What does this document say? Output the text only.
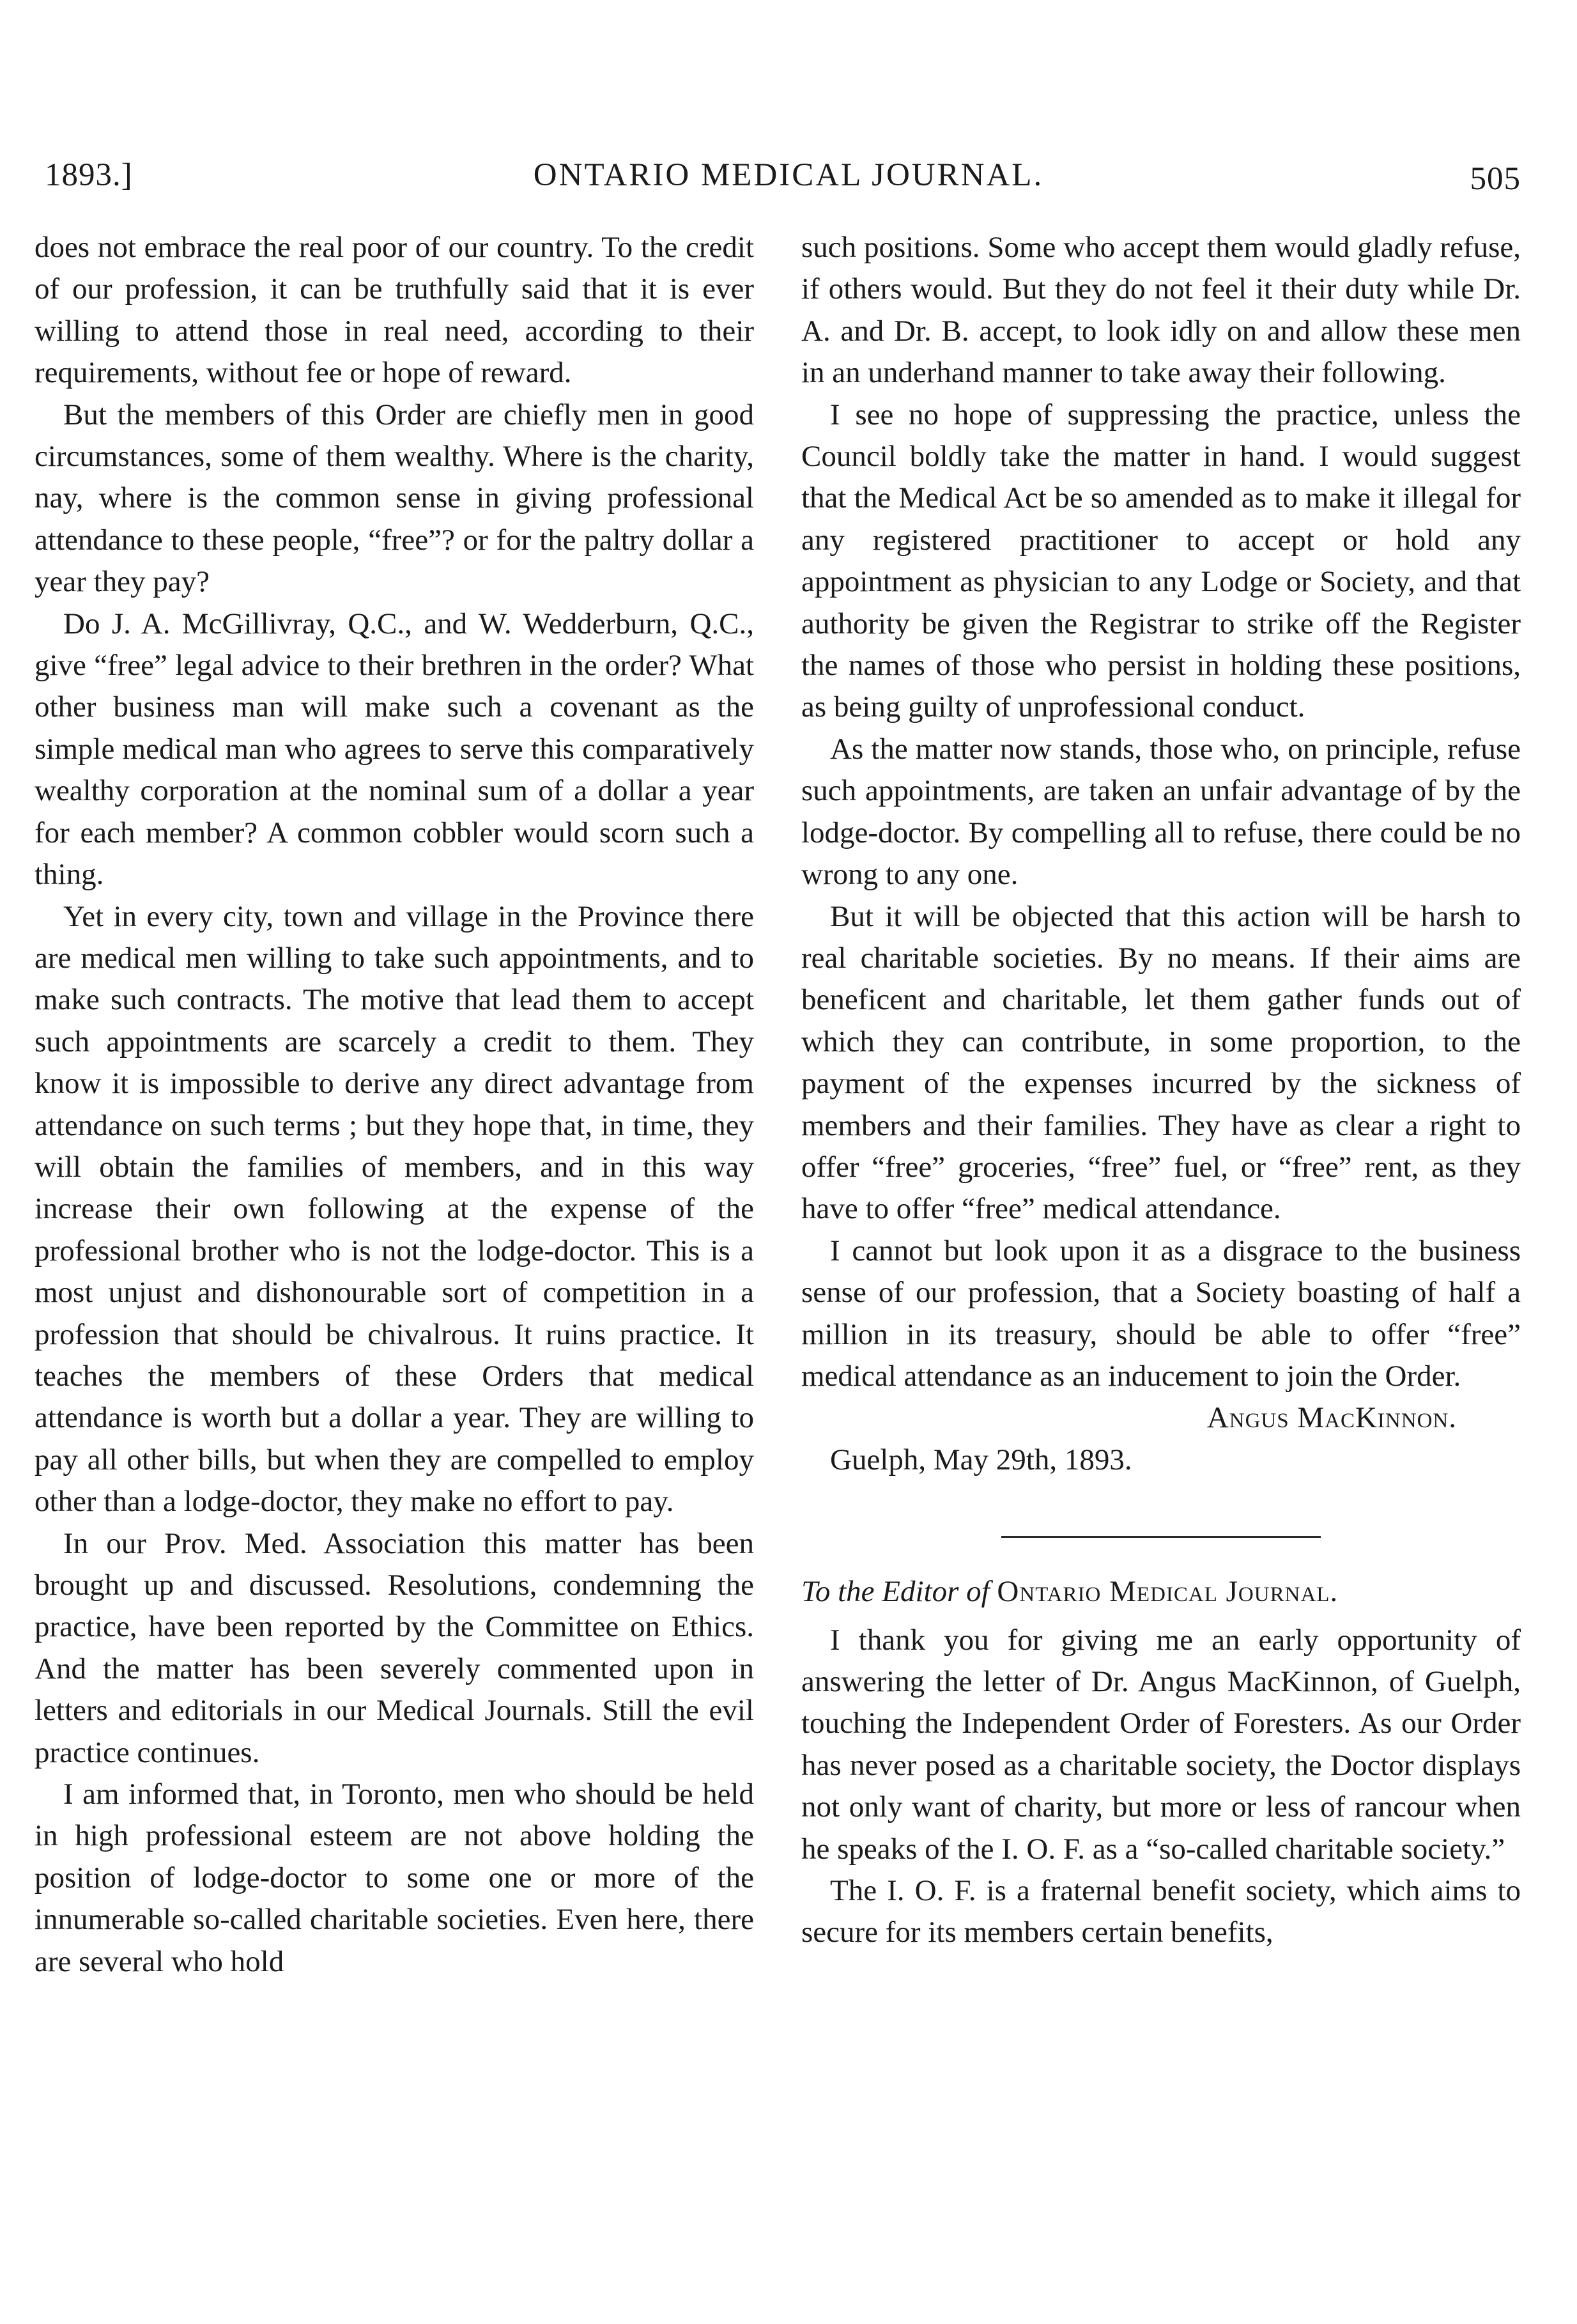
1893.]	ONTARIO MEDICAL JOURNAL.	505

does not embrace the real poor of our country. To the credit of our profession, it can be truthfully said that it is ever willing to attend those in real need, according to their requirements, without fee or hope of reward.

But the members of this Order are chiefly men in good circumstances, some of them wealthy. Where is the charity, nay, where is the common sense in giving professional attendance to these people, “free”? or for the paltry dollar a year they pay?

Do J. A. McGillivray, Q.C., and W. Wedderburn, Q.C., give “free” legal advice to their brethren in the order? What other business man will make such a covenant as the simple medical man who agrees to serve this comparatively wealthy corporation at the nominal sum of a dollar a year for each member? A common cobbler would scorn such a thing.

Yet in every city, town and village in the Province there are medical men willing to take such appointments, and to make such contracts. The motive that lead them to accept such appointments are scarcely a credit to them. They know it is impossible to derive any direct advantage from attendance on such terms ; but they hope that, in time, they will obtain the families of members, and in this way increase their own following at the expense of the professional brother who is not the lodge-doctor. This is a most unjust and dishonourable sort of competition in a profession that should be chivalrous. It ruins practice. It teaches the members of these Orders that medical attendance is worth but a dollar a year. They are willing to pay all other bills, but when they are compelled to employ other than a lodge-doctor, they make no effort to pay.

In our Prov. Med. Association this matter has been brought up and discussed. Resolutions, condemning the practice, have been reported by the Committee on Ethics. And the matter has been severely commented upon in letters and editorials in our Medical Journals. Still the evil practice continues.

I am informed that, in Toronto, men who should be held in high professional esteem are not above holding the position of lodge-doctor to some one or more of the innumerable so-called charitable societies. Even here, there are several who hold

such positions. Some who accept them would gladly refuse, if others would. But they do not feel it their duty while Dr. A. and Dr. B. accept, to look idly on and allow these men in an underhand manner to take away their following.

I see no hope of suppressing the practice, unless the Council boldly take the matter in hand. I would suggest that the Medical Act be so amended as to make it illegal for any registered practitioner to accept or hold any appointment as physician to any Lodge or Society, and that authority be given the Registrar to strike off the Register the names of those who persist in holding these positions, as being guilty of unprofessional conduct.

As the matter now stands, those who, on principle, refuse such appointments, are taken an unfair advantage of by the lodge-doctor. By compelling all to refuse, there could be no wrong to any one.

But it will be objected that this action will be harsh to real charitable societies. By no means. If their aims are beneficent and charitable, let them gather funds out of which they can contribute, in some proportion, to the payment of the expenses incurred by the sickness of members and their families. They have as clear a right to offer “free” groceries, “free” fuel, or “free” rent, as they have to offer “free” medical attendance.

I cannot but look upon it as a disgrace to the business sense of our profession, that a Society boasting of half a million in its treasury, should be able to offer “free” medical attendance as an inducement to join the Order.

Angus MacKinnon.

Guelph, May 29th, 1893.

To the Editor of Ontario Medical Journal.

I thank you for giving me an early opportunity of answering the letter of Dr. Angus MacKinnon, of Guelph, touching the Independent Order of Foresters. As our Order has never posed as a charitable society, the Doctor displays not only want of charity, but more or less of rancour when he speaks of the I. O. F. as a “so-called charitable society.”

The I. O. F. is a fraternal benefit society, which aims to secure for its members certain benefits,
